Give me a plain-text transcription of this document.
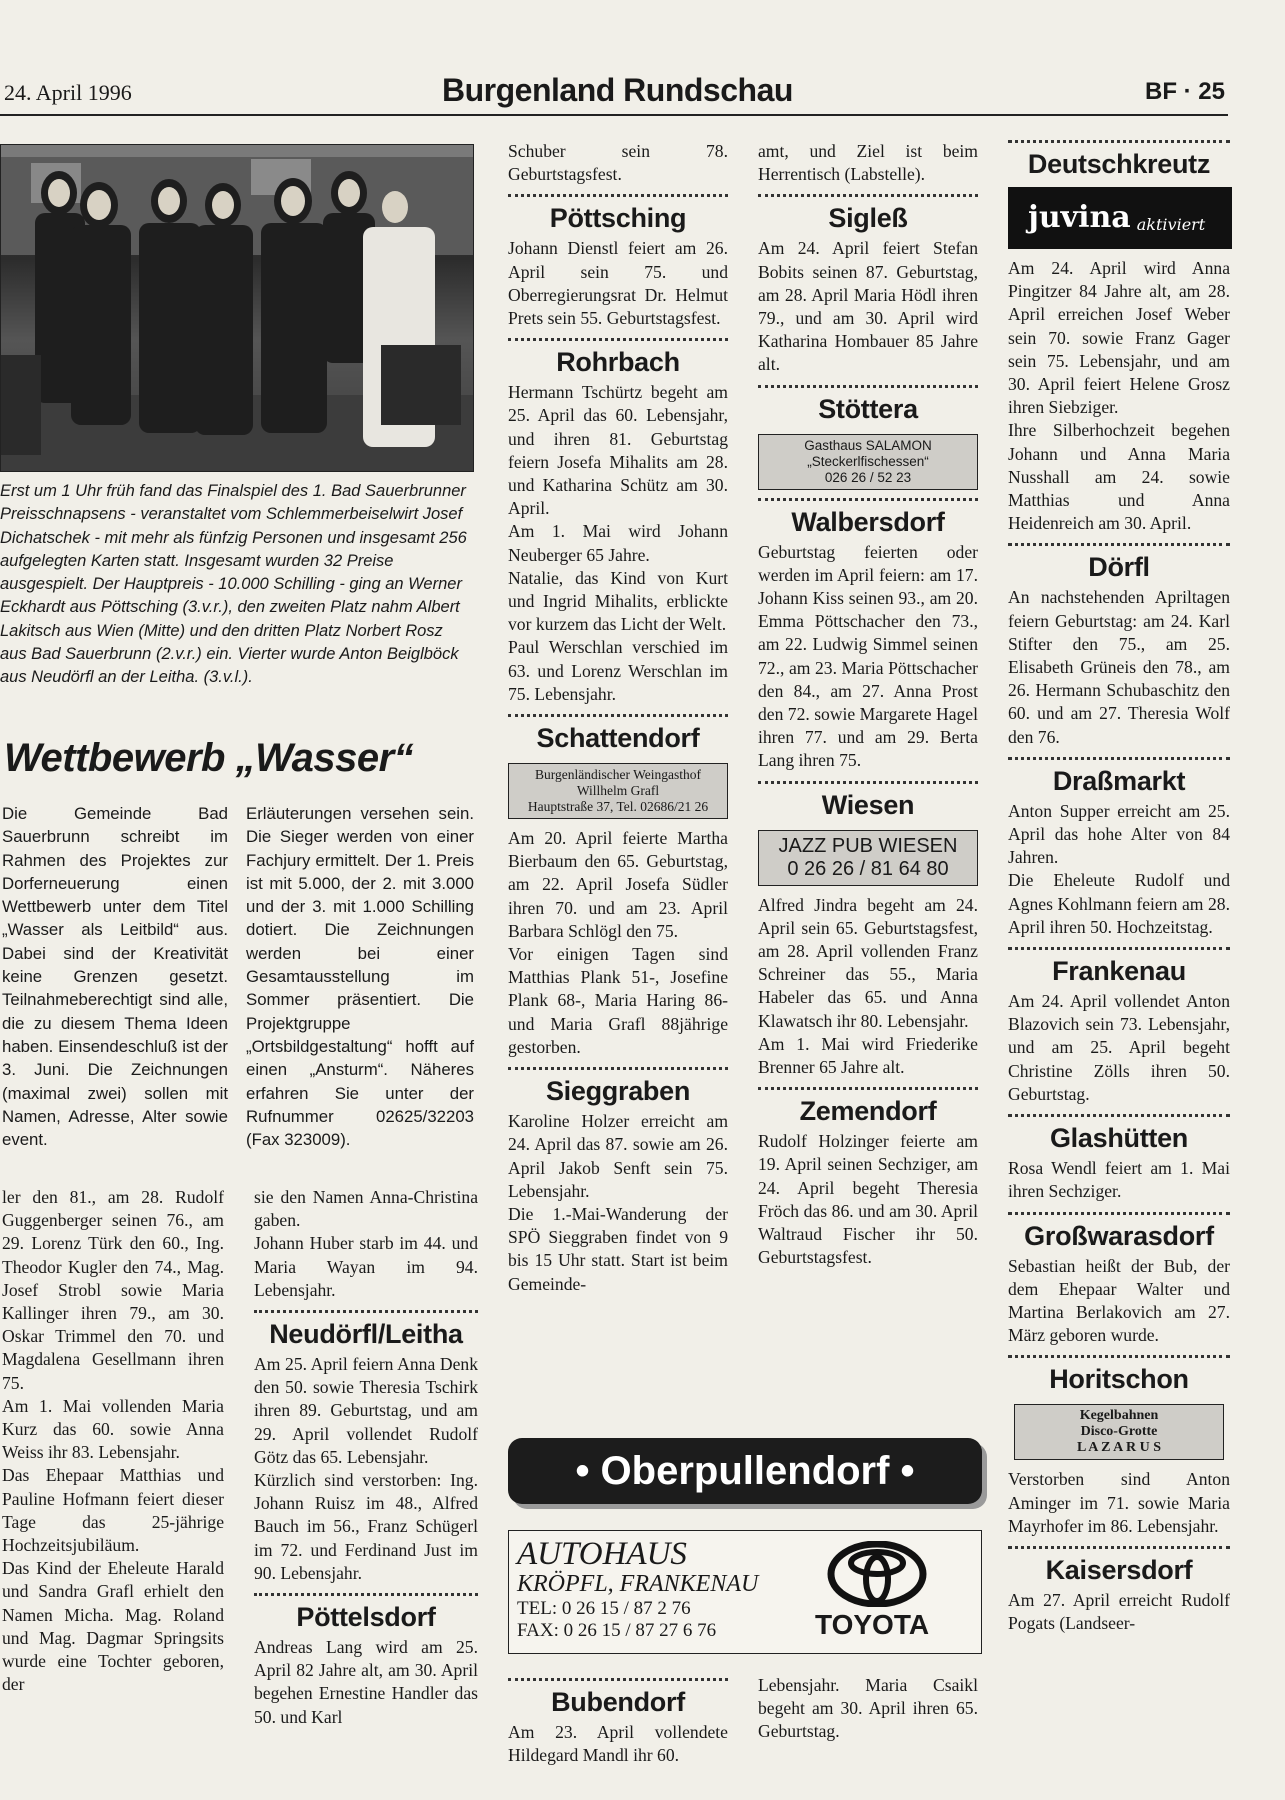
24. April 1996	Burgenland Rundschau	BF · 25
Erst um 1 Uhr früh fand das Finalspiel des 1. Bad Sauerbrunner Preisschnapsens - veranstaltet vom Schlemmerbeiselwirt Josef Dichatschek - mit mehr als fünfzig Personen und insgesamt 256 aufgelegten Karten statt. Insgesamt wurden 32 Preise ausgespielt. Der Hauptpreis - 10.000 Schilling - ging an Werner Eckhardt aus Pöttsching (3.v.r.), den zweiten Platz nahm Albert Lakitsch aus Wien (Mitte) und den dritten Platz Norbert Rosz aus Bad Sauerbrunn (2.v.r.) ein. Vierter wurde Anton Beiglböck aus Neudörfl an der Leitha. (3.v.l.).
Wettbewerb „Wasser“

Die Gemeinde Bad Sauerbrunn schreibt im Rahmen des Projektes zur Dorferneuerung einen Wettbewerb unter dem Titel „Wasser als Leitbild“ aus. Dabei sind der Kreativität keine Grenzen gesetzt. Teilnahmeberechtigt sind alle, die zu diesem Thema Ideen haben. Einsendeschluß ist der 3. Juni. Die Zeichnungen (maximal zwei) sollen mit Namen, Adresse, Alter sowie event.

Erläuterungen versehen sein. Die Sieger werden von einer Fachjury ermittelt. Der 1. Preis ist mit 5.000, der 2. mit 3.000 und der 3. mit 1.000 Schilling dotiert. Die Zeichnungen werden bei einer Gesamtausstellung im Sommer präsentiert. Die Projektgruppe „Ortsbildgestaltung“ hofft auf einen „Ansturm“. Näheres erfahren Sie unter der Rufnummer 02625/32203 (Fax 323009).

ler den 81., am 28. Rudolf Guggenberger seinen 76., am 29. Lorenz Türk den 60., Ing. Theodor Kugler den 74., Mag. Josef Strobl sowie Maria Kallinger ihren 79., am 30. Oskar Trimmel den 70. und Magdalena Gesellmann ihren 75.

Am 1. Mai vollenden Maria Kurz das 60. sowie Anna Weiss ihr 83. Lebensjahr.

Das Ehepaar Matthias und Pauline Hofmann feiert dieser Tage das 25-jährige Hochzeitsjubiläum.

Das Kind der Eheleute Harald und Sandra Grafl erhielt den Namen Micha. Mag. Roland und Mag. Dagmar Springsits wurde eine Tochter geboren, der

sie den Namen Anna-Christina gaben.

Johann Huber starb im 44. und Maria Wayan im 94. Lebensjahr.

Neudörfl/Leitha

Am 25. April feiern Anna Denk den 50. sowie Theresia Tschirk ihren 89. Geburtstag, und am 29. April vollendet Rudolf Götz das 65. Lebensjahr.

Kürzlich sind verstorben: Ing. Johann Ruisz im 48., Alfred Bauch im 56., Franz Schügerl im 72. und Ferdinand Just im 90. Lebensjahr.

Pöttelsdorf

Andreas Lang wird am 25. April 82 Jahre alt, am 30. April begehen Ernestine Handler das 50. und Karl

Schuber sein 78. Geburtstagsfest.

Pöttsching

Johann Dienstl feiert am 26. April sein 75. und Oberregierungsrat Dr. Helmut Prets sein 55. Geburtstagsfest.

Rohrbach

Hermann Tschürtz begeht am 25. April das 60. Lebensjahr, und ihren 81. Geburtstag feiern Josefa Mihalits am 28. und Katharina Schütz am 30. April.

Am 1. Mai wird Johann Neuberger 65 Jahre.

Natalie, das Kind von Kurt und Ingrid Mihalits, erblickte vor kurzem das Licht der Welt.

Paul Werschlan verschied im 63. und Lorenz Werschlan im 75. Lebensjahr.

Schattendorf
Burgenländischer Weingasthof
Willhelm Grafl
Hauptstraße 37, Tel. 02686/21 26

Am 20. April feierte Martha Bierbaum den 65. Geburtstag, am 22. April Josefa Südler ihren 70. und am 23. April Barbara Schlögl den 75.

Vor einigen Tagen sind Matthias Plank 51-, Josefine Plank 68-, Maria Haring 86- und Maria Grafl 88jährige gestorben.

Sieggraben

Karoline Holzer erreicht am 24. April das 87. sowie am 26. April Jakob Senft sein 75. Lebensjahr.

Die 1.-Mai-Wanderung der SPÖ Sieggraben findet von 9 bis 15 Uhr statt. Start ist beim Gemeinde-

Bubendorf

Am 23. April vollendete Hildegard Mandl ihr 60.

amt, und Ziel ist beim Herrentisch (Labstelle).

Sigleß

Am 24. April feiert Stefan Bobits seinen 87. Geburtstag, am 28. April Maria Hödl ihren 79., und am 30. April wird Katharina Hombauer 85 Jahre alt.

Stöttera
Gasthaus SALAMON
„Steckerlfischessen“
026 26 / 52 23
Walbersdorf

Geburtstag feierten oder werden im April feiern: am 17. Johann Kiss seinen 93., am 20. Emma Pöttschacher den 73., am 22. Ludwig Simmel seinen 72., am 23. Maria Pöttschacher den 84., am 27. Anna Prost den 72. sowie Margarete Hagel ihren 77. und am 29. Berta Lang ihren 75.

Wiesen
JAZZ PUB WIESEN
0 26 26 / 81 64 80

Alfred Jindra begeht am 24. April sein 65. Geburtstagsfest, am 28. April vollenden Franz Schreiner das 55., Maria Habeler das 65. und Anna Klawatsch ihr 80. Lebensjahr.

Am 1. Mai wird Friederike Brenner 65 Jahre alt.

Zemendorf

Rudolf Holzinger feierte am 19. April seinen Sechziger, am 24. April begeht Theresia Fröch das 86. und am 30. April Waltraud Fischer ihr 50. Geburtstagsfest.

Lebensjahr. Maria Csaikl begeht am 30. April ihren 65. Geburtstag.

Deutschkreutz
juvina aktiviert

Am 24. April wird Anna Pingitzer 84 Jahre alt, am 28. April erreichen Josef Weber sein 70. sowie Franz Gager sein 75. Lebensjahr, und am 30. April feiert Helene Grosz ihren Siebziger.

Ihre Silberhochzeit begehen Johann und Anna Maria Nusshall am 24. sowie Matthias und Anna Heidenreich am 30. April.

Dörfl

An nachstehenden Apriltagen feiern Geburtstag: am 24. Karl Stifter den 75., am 25. Elisabeth Grüneis den 78., am 26. Hermann Schubaschitz den 60. und am 27. Theresia Wolf den 76.

Draßmarkt

Anton Supper erreicht am 25. April das hohe Alter von 84 Jahren.

Die Eheleute Rudolf und Agnes Kohlmann feiern am 28. April ihren 50. Hochzeitstag.

Frankenau

Am 24. April vollendet Anton Blazovich sein 73. Lebensjahr, und am 25. April begeht Christine Zölls ihren 50. Geburtstag.

Glashütten

Rosa Wendl feiert am 1. Mai ihren Sechziger.

Großwarasdorf

Sebastian heißt der Bub, der dem Ehepaar Walter und Martina Berlakovich am 27. März geboren wurde.

Horitschon
Kegelbahnen
Disco-Grotte
L A Z A R U S

Verstorben sind Anton Aminger im 71. sowie Maria Mayrhofer im 86. Lebensjahr.

Kaisersdorf

Am 27. April erreicht Rudolf Pogats (Landseer-

• Oberpullendorf •
AUTOHAUS
KRÖPFL, FRANKENAU
TEL: 0 26 15 / 87 2 76
FAX: 0 26 15 / 87 27 6 76	TOYOTA
